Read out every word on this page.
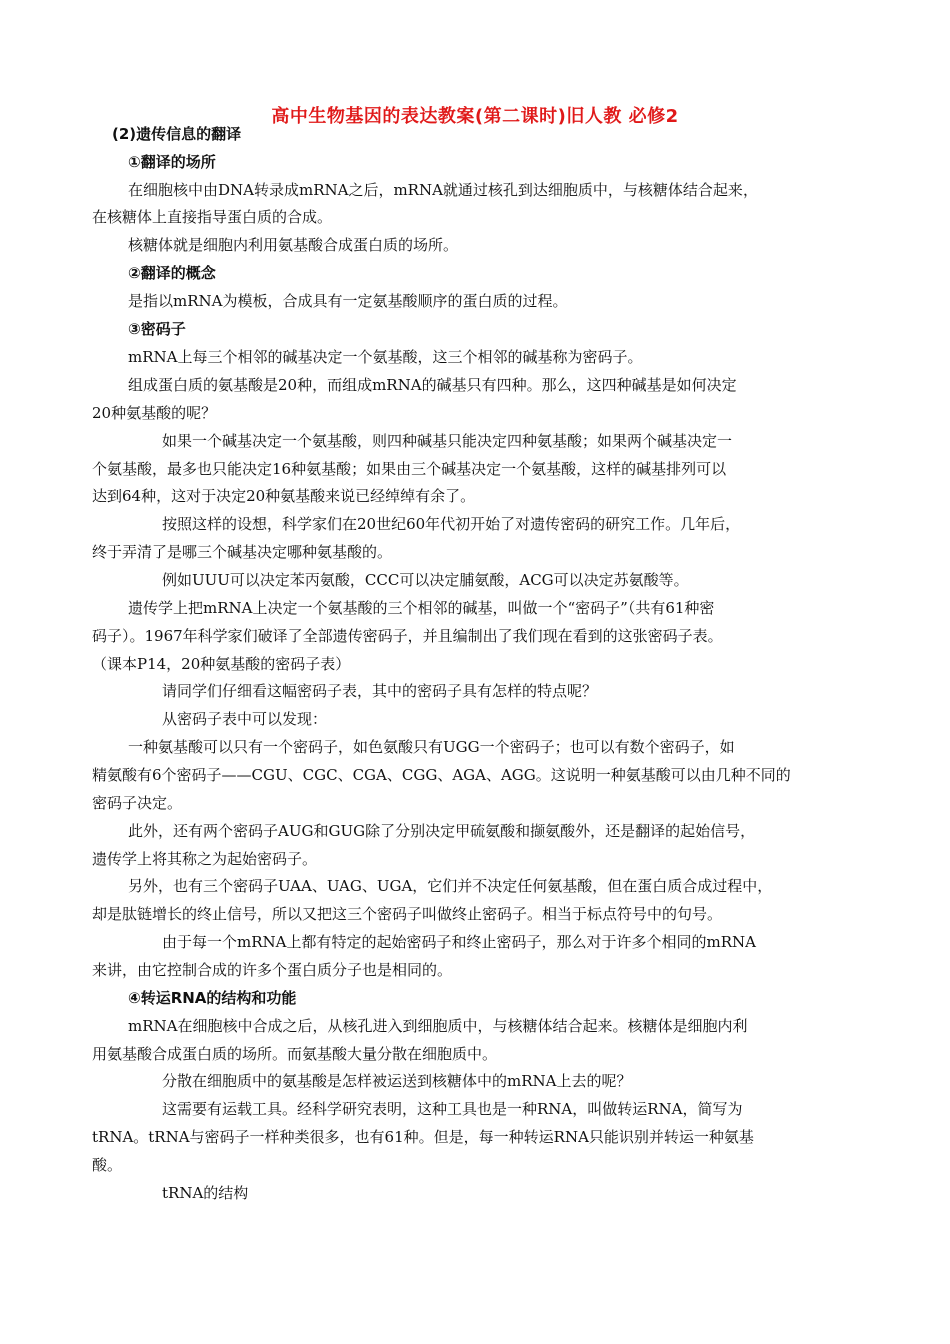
高中生物基因的表达教案(第二课时)旧人教 必修2
(2)遗传信息的翻译
①翻译的场所
在细胞核中由DNA转录成mRNA之后，mRNA就通过核孔到达细胞质中，与核糖体结合起来，
在核糖体上直接指导蛋白质的合成。
核糖体就是细胞内利用氨基酸合成蛋白质的场所。
②翻译的概念
是指以mRNA为模板，合成具有一定氨基酸顺序的蛋白质的过程。
③密码子
mRNA上每三个相邻的碱基决定一个氨基酸，这三个相邻的碱基称为密码子。
组成蛋白质的氨基酸是20种，而组成mRNA的碱基只有四种。那么，这四种碱基是如何决定
20种氨基酸的呢？
如果一个碱基决定一个氨基酸，则四种碱基只能决定四种氨基酸；如果两个碱基决定一
个氨基酸，最多也只能决定16种氨基酸；如果由三个碱基决定一个氨基酸，这样的碱基排列可以
达到64种，这对于决定20种氨基酸来说已经绰绰有余了。
按照这样的设想，科学家们在20世纪60年代初开始了对遗传密码的研究工作。几年后，
终于弄清了是哪三个碱基决定哪种氨基酸的。
例如UUU可以决定苯丙氨酸，CCC可以决定脯氨酸，ACG可以决定苏氨酸等。
遗传学上把mRNA上决定一个氨基酸的三个相邻的碱基，叫做一个“密码子”（共有61种密
码子）。1967年科学家们破译了全部遗传密码子，并且编制出了我们现在看到的这张密码子表。
（课本P14，20种氨基酸的密码子表）
请同学们仔细看这幅密码子表，其中的密码子具有怎样的特点呢？
从密码子表中可以发现：
一种氨基酸可以只有一个密码子，如色氨酸只有UGG一个密码子；也可以有数个密码子，如
精氨酸有6个密码子——CGU、CGC、CGA、CGG、AGA、AGG。这说明一种氨基酸可以由几种不同的
密码子决定。
此外，还有两个密码子AUG和GUG除了分别决定甲硫氨酸和撷氨酸外，还是翻译的起始信号，
遗传学上将其称之为起始密码子。
另外，也有三个密码子UAA、UAG、UGA，它们并不决定任何氨基酸，但在蛋白质合成过程中，
却是肽链增长的终止信号，所以又把这三个密码子叫做终止密码子。相当于标点符号中的句号。
由于每一个mRNA上都有特定的起始密码子和终止密码子，那么对于许多个相同的mRNA
来讲，由它控制合成的许多个蛋白质分子也是相同的。
④转运RNA的结构和功能
mRNA在细胞核中合成之后，从核孔进入到细胞质中，与核糖体结合起来。核糖体是细胞内利
用氨基酸合成蛋白质的场所。而氨基酸大量分散在细胞质中。
分散在细胞质中的氨基酸是怎样被运送到核糖体中的mRNA上去的呢？
这需要有运载工具。经科学研究表明，这种工具也是一种RNA，叫做转运RNA，简写为
tRNA。tRNA与密码子一样种类很多，也有61种。但是，每一种转运RNA只能识别并转运一种氨基
酸。
tRNA的结构
